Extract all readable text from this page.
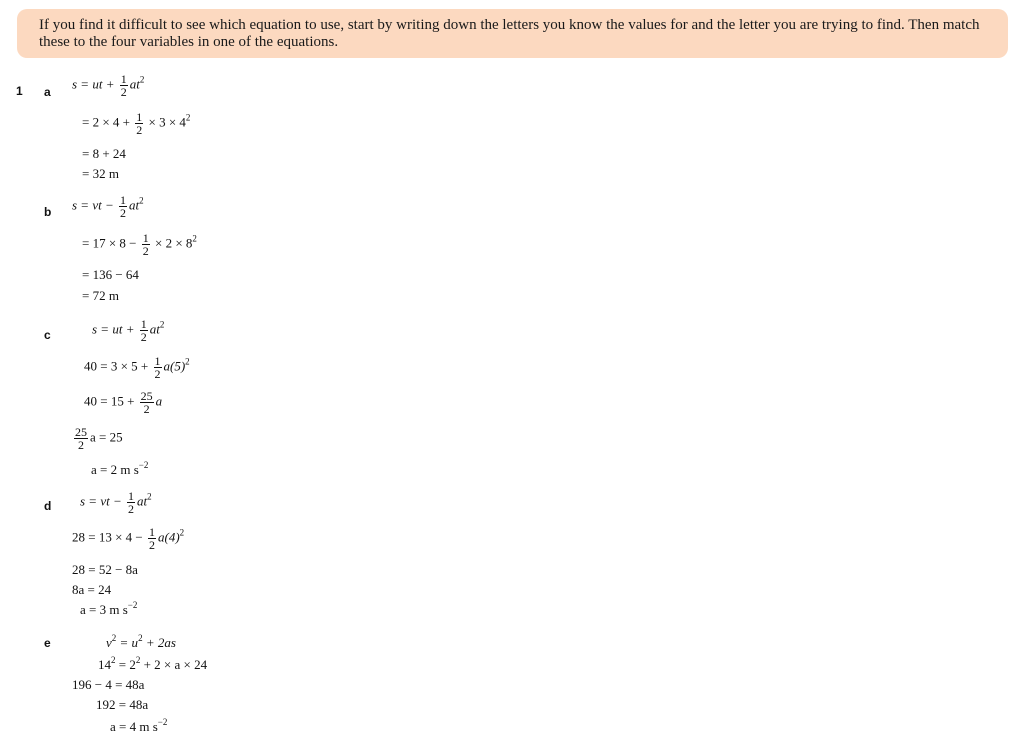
If you find it difficult to see which equation to use, start by writing down the letters you know the values for and the letter you are trying to find. Then match these to the four variables in one of the equations.
1 a
s = ut + $\frac{1}{2} at^2$
= $2 \times 4 + \frac{1}{2} \times 3 \times 4^2$
= 8 + 24
= 32 m
b s = vt − $\frac{1}{2} at^2$
= $17 \times 8 - \frac{1}{2} \times 2 \times 8^2$
= 136 − 64
= 72 m
c	s = ut + $\frac{1}{2} at^2$
$40 = 3 \times 5 + \frac{1}{2} a(5)^2$
$40 = 15 + \frac{25}{2}$ a
$\frac{25}{2}$ a = 25
a = 2 m $s^{-2}$
d s = vt − $\frac{1}{2} at^2$
$28 = 13 \times 4 - \frac{1}{2} a(4)^2$
28 = 52 − 8a
8a = 24
a = 3 m $s^{-2}$
e	$v^2 = u^2 + 2as$
$14^2 = 2^2 + 2 \times a \times 24$
196 − 4 = 48a
192 = 48a
a = 4 m $s^{-2}$
